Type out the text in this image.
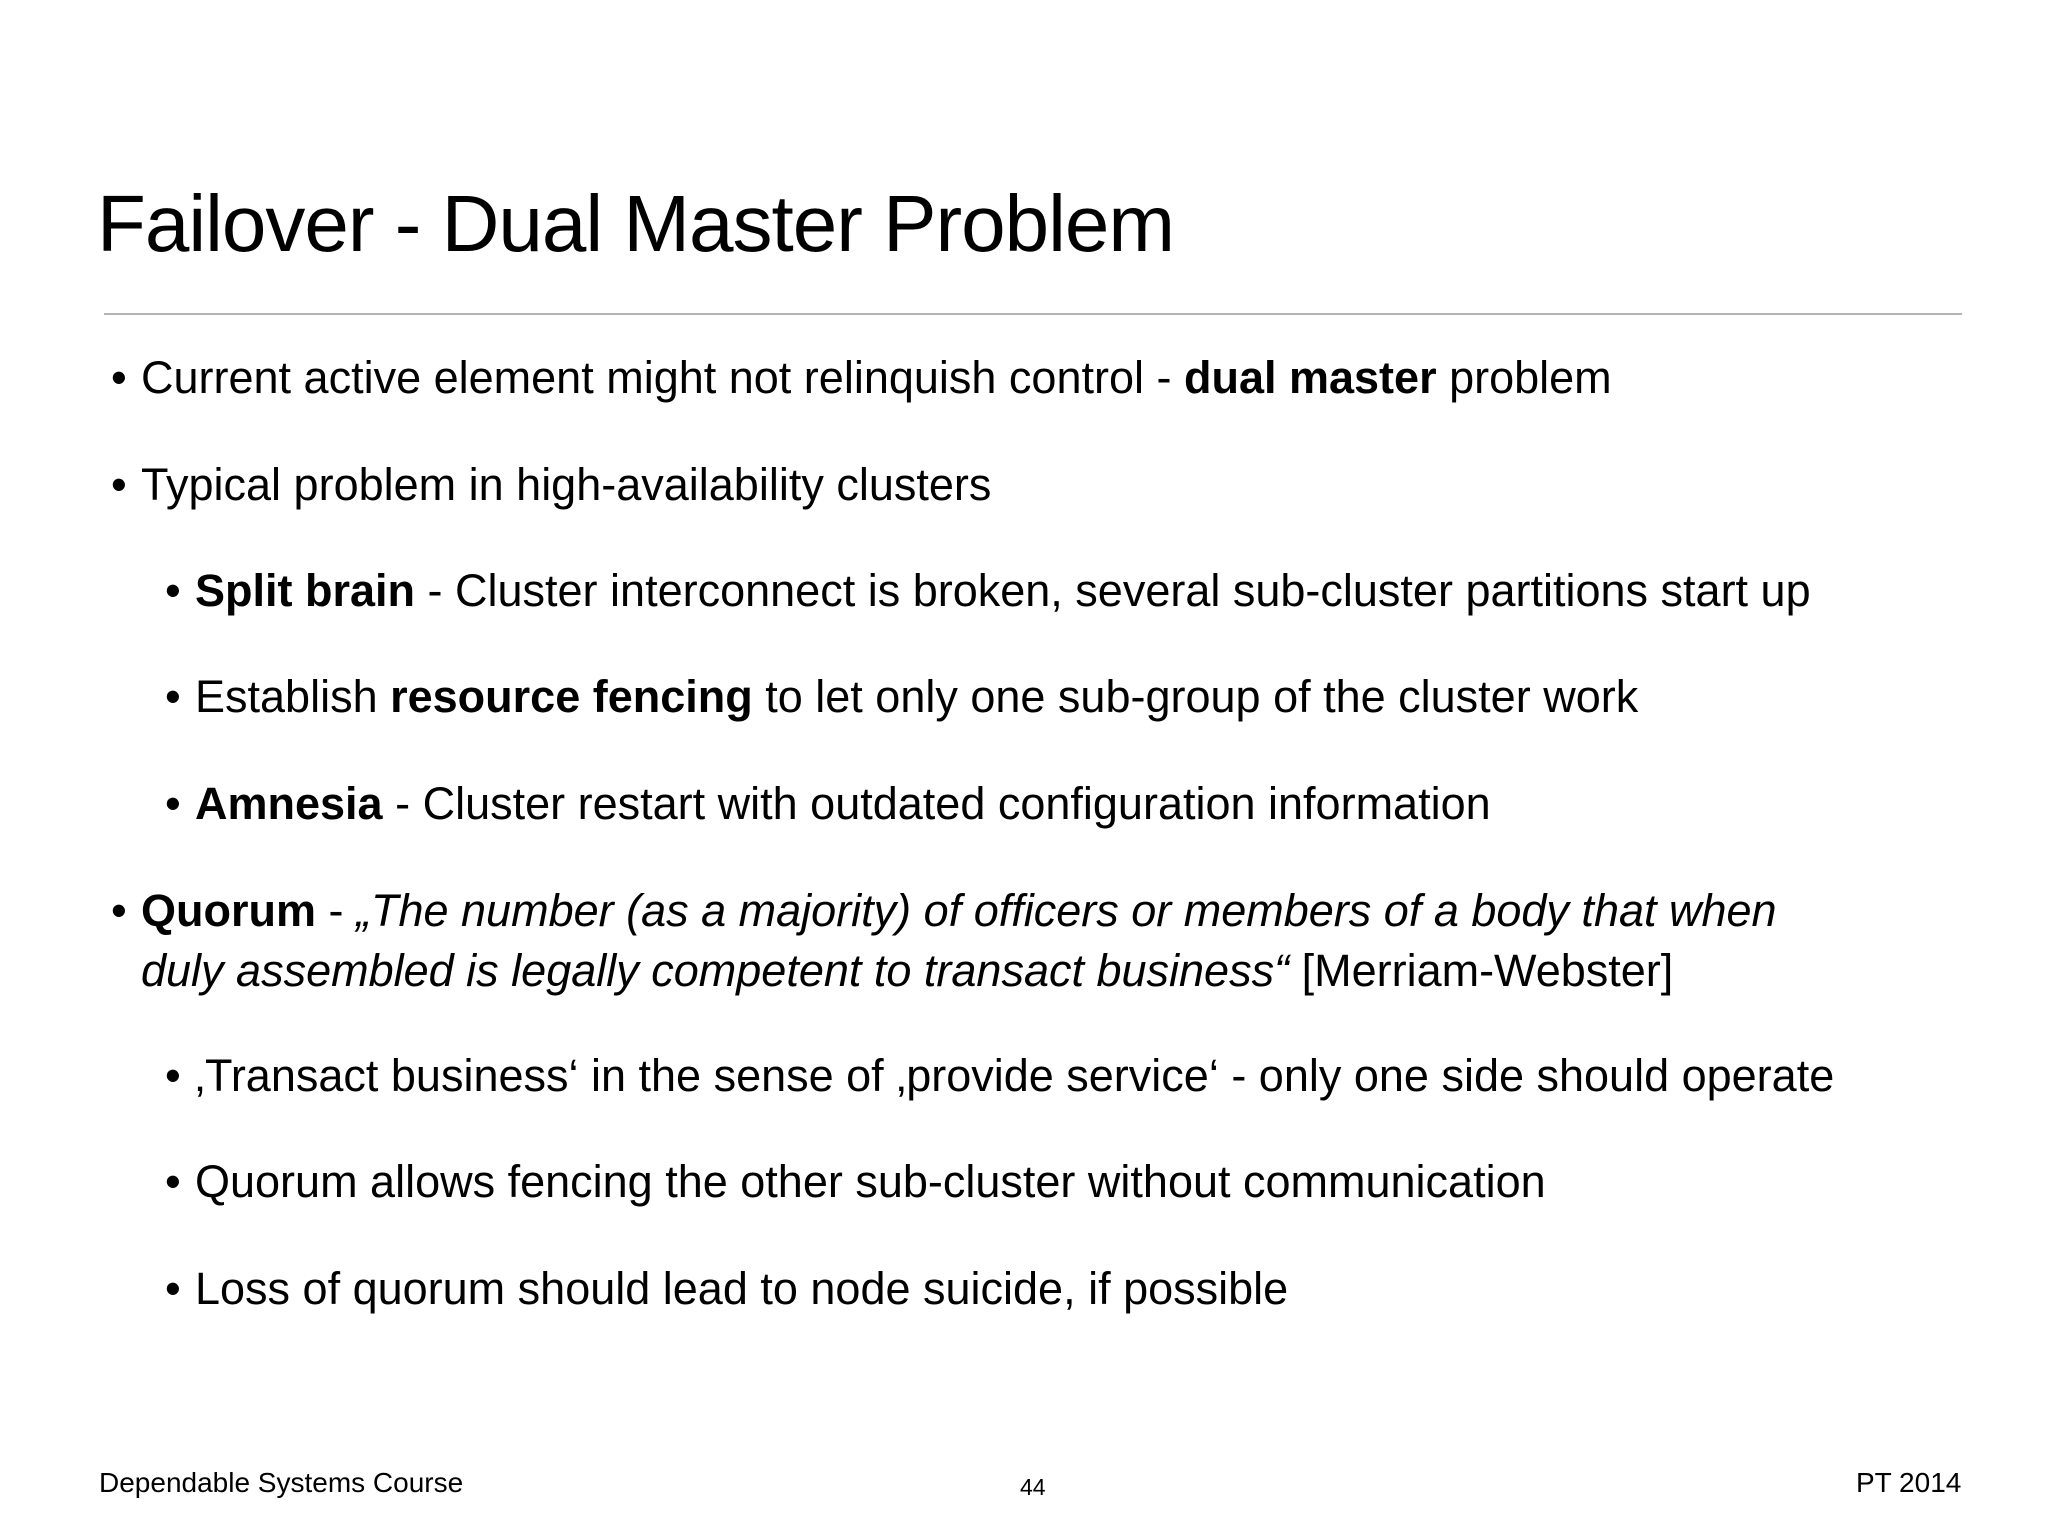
Failover - Dual Master Problem
• Current active element might not relinquish control - dual master problem
• Typical problem in high-availability clusters
• Split brain - Cluster interconnect is broken, several sub-cluster partitions start up
• Establish resource fencing to let only one sub-group of the cluster work
• Amnesia - Cluster restart with outdated configuration information
• Quorum - „The number (as a majority) of officers or members of a body that when
duly assembled is legally competent to transact business“ [Merriam-Webster]
• ‚Transact business‘ in the sense of ‚provide service‘ - only one side should operate
• Quorum allows fencing the other sub-cluster without communication
• Loss of quorum should lead to node suicide, if possible
Dependable Systems Course	44	PT 2014
